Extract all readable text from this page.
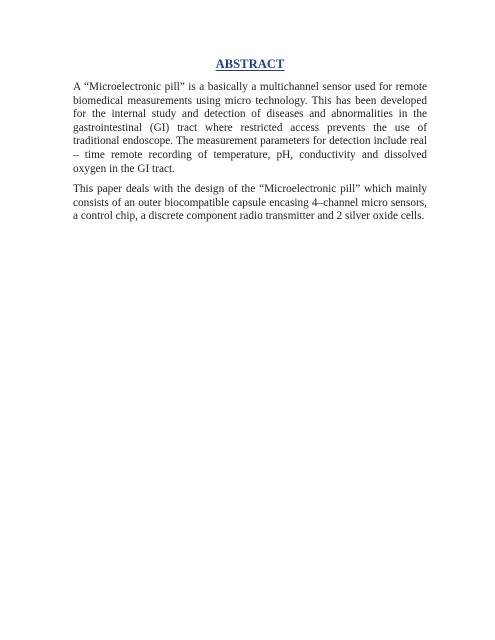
ABSTRACT

A “Microelectronic pill” is a basically a multichannel sensor used for remote biomedical measurements using micro technology. This has been developed for the internal study and detection of diseases and abnormalities in the gastrointestinal (GI) tract where restricted access prevents the use of traditional endoscope. The measurement parameters for detection include real – time remote recording of temperature, pH, conductivity and dissolved oxygen in the GI tract.

This paper deals with the design of the “Microelectronic pill” which mainly consists of an outer biocompatible capsule encasing 4–channel micro sensors, a control chip, a discrete component radio transmitter and 2 silver oxide cells.
